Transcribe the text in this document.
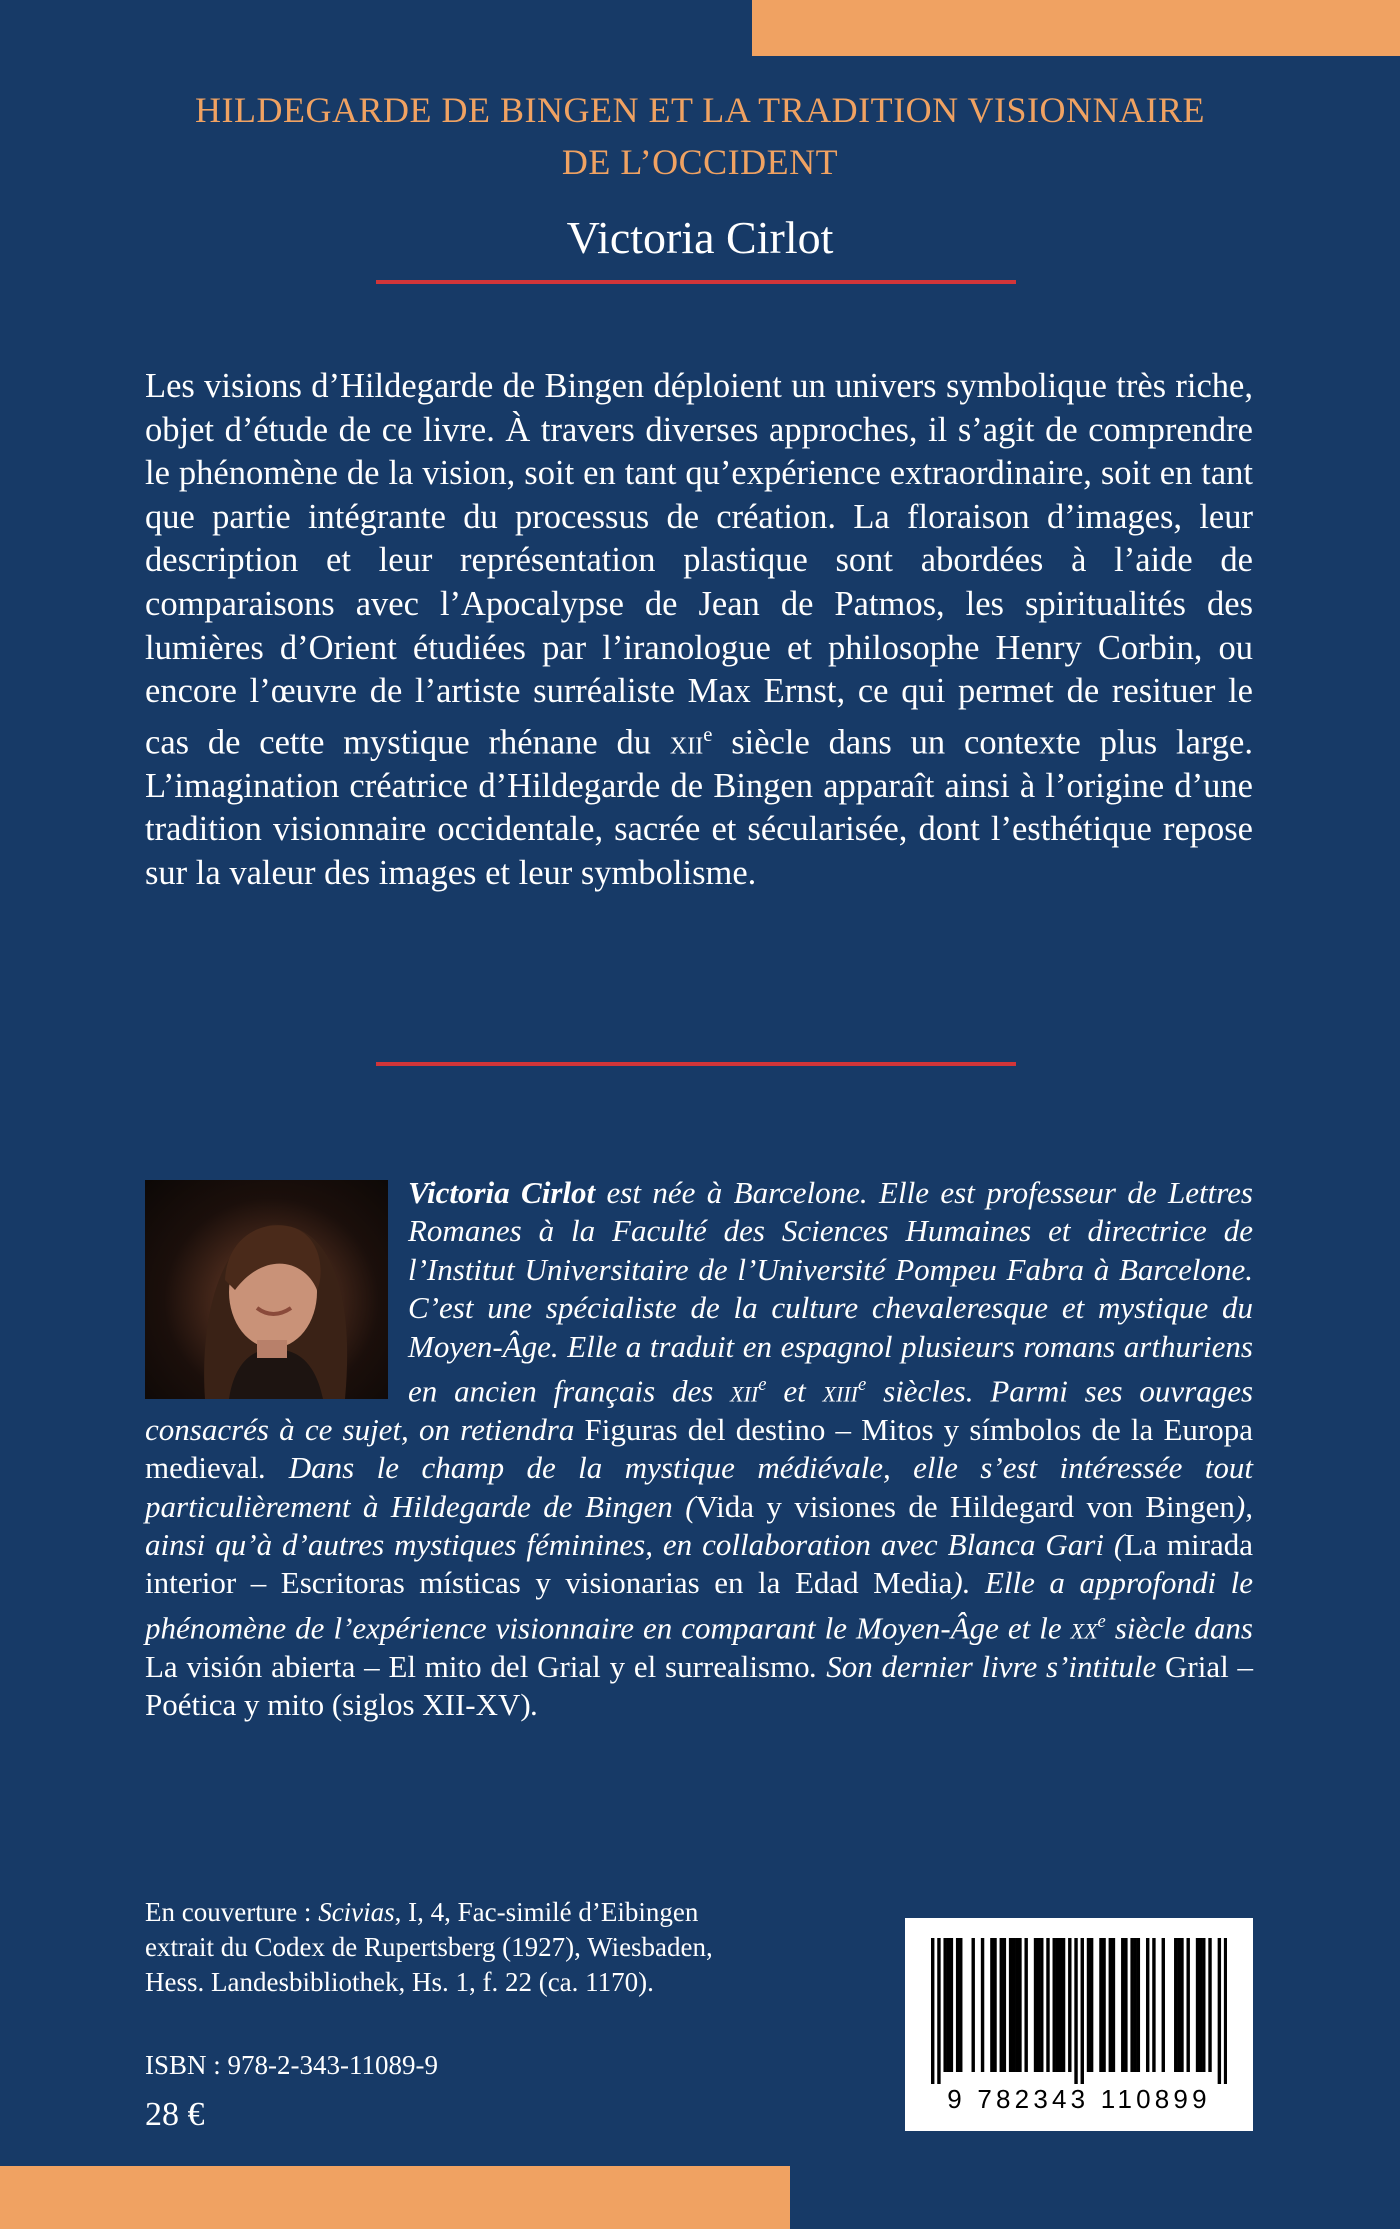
HILDEGARDE DE BINGEN ET LA TRADITION VISIONNAIRE
DE L’OCCIDENT
Victoria Cirlot

Les visions d’Hildegarde de Bingen déploient un univers symbolique très riche, objet d’étude de ce livre. À travers diverses approches, il s’agit de comprendre le phénomène de la vision, soit en tant qu’expérience extraordinaire, soit en tant que partie intégrante du processus de création. La floraison d’images, leur description et leur représentation plastique sont abordées à l’aide de comparaisons avec l’Apocalypse de Jean de Patmos, les spiritualités des lumières d’Orient étudiées par l’iranologue et philosophe Henry Corbin, ou encore l’œuvre de l’artiste surréaliste Max Ernst, ce qui permet de resituer le cas de cette mystique rhénane du xii$^e$ siècle dans un contexte plus large. L’imagination créatrice d’Hildegarde de Bingen apparaît ainsi à l’origine d’une tradition visionnaire occidentale, sacrée et sécularisée, dont l’esthétique repose sur la valeur des images et leur symbolisme.

Victoria Cirlot est née à Barcelone. Elle est professeur de Lettres Romanes à la Faculté des Sciences Humaines et directrice de l’Institut Universitaire de l’Université Pompeu Fabra à Barcelone. C’est une spécialiste de la culture chevaleresque et mystique du Moyen-Âge. Elle a traduit en espagnol plusieurs romans arthuriens en ancien français des xii$^e$ et xiii$^e$ siècles. Parmi ses ouvrages consacrés à ce sujet, on retiendra Figuras del destino – Mitos y símbolos de la Europa medieval. Dans le champ de la mystique médiévale, elle s’est intéressée tout particulièrement à Hildegarde de Bingen (Vida y visiones de Hildegard von Bingen), ainsi qu’à d’autres mystiques féminines, en collaboration avec Blanca Gari (La mirada interior – Escritoras místicas y visionarias en la Edad Media). Elle a approfondi le phénomène de l’expérience visionnaire en comparant le Moyen-Âge et le $xx^e$ siècle dans La visión abierta – El mito del Grial y el surrealismo. Son dernier livre s’intitule Grial – Poética y mito (siglos XII-XV).

En couverture : Scivias, I, 4, Fac-similé d’Eibingen
extrait du Codex de Rupertsberg (1927), Wiesbaden,
Hess. Landesbibliothek, Hs. 1, f. 22 (ca. 1170).
ISBN : 978-2-343-11089-9
28 €	9 782343 110899
